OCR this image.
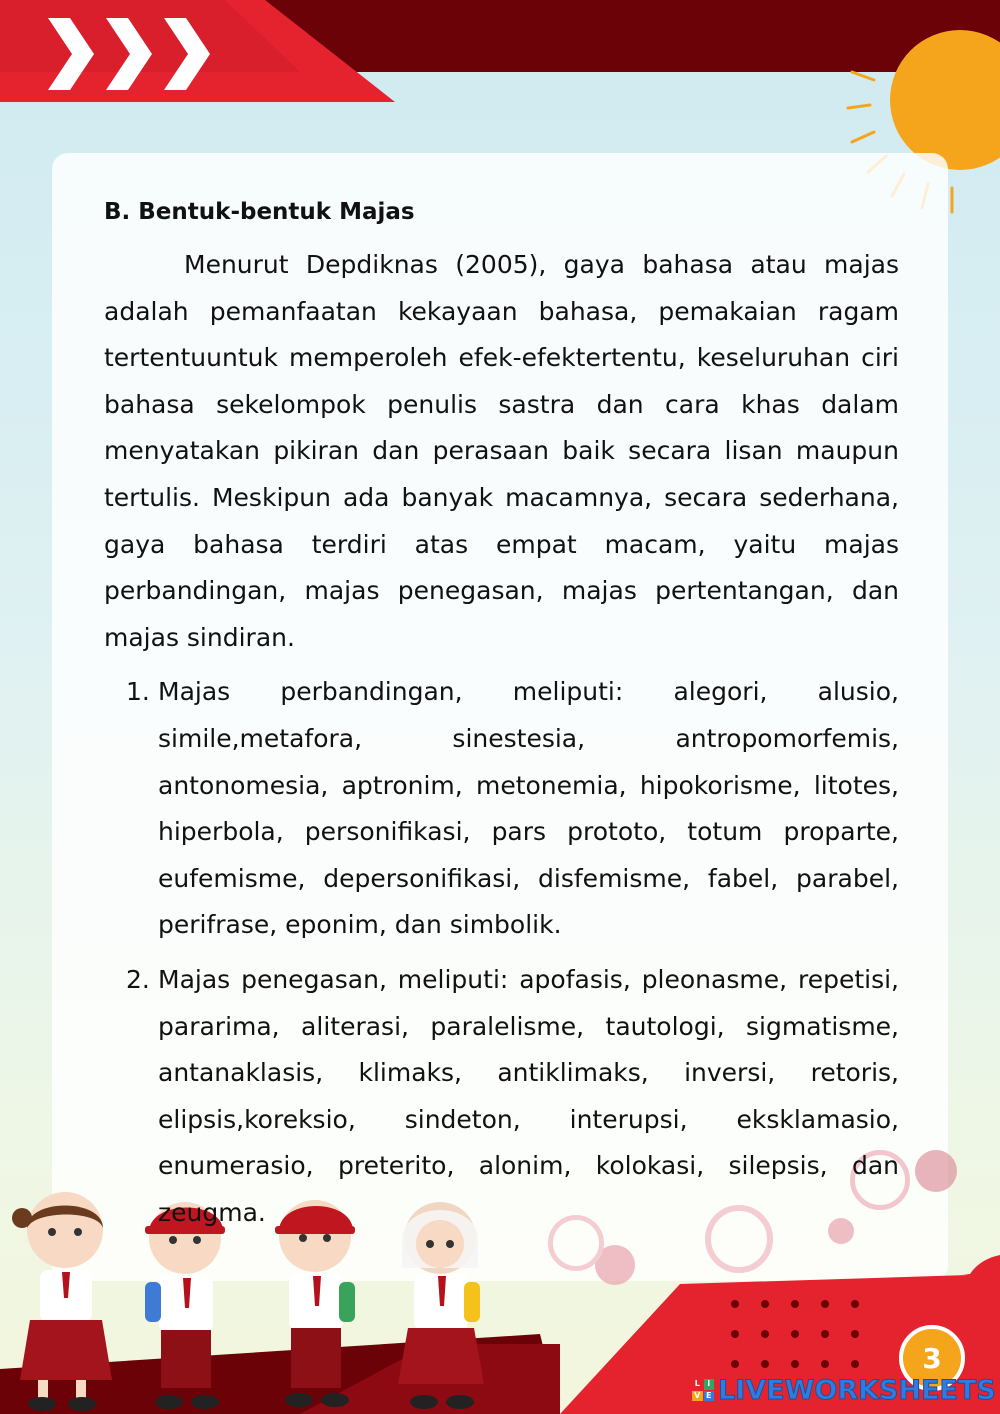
B. Bentuk-bentuk Majas

Menurut Depdiknas (2005), gaya bahasa atau majas adalah pemanfaatan kekayaan bahasa, pemakaian ragam tertentuuntuk memperoleh efek-efektertentu, keseluruhan ciri bahasa sekelompok penulis sastra dan cara khas dalam menyatakan pikiran dan perasaan baik secara lisan maupun tertulis. Meskipun ada banyak macamnya, secara sederhana, gaya bahasa terdiri atas empat macam, yaitu majas perbandingan, majas penegasan, majas pertentangan, dan majas sindiran.

1. Majas perbandingan, meliputi: alegori, alusio, simile,metafora, sinestesia, antropomorfemis, antonomesia, aptronim, metonemia, hipokorisme, litotes, hiperbola, personifikasi, pars prototo, totum proparte, eufemisme, depersonifikasi, disfemisme, fabel, parabel, perifrase, eponim, dan simbolik.
2. Majas penegasan, meliputi: apofasis, pleonasme, repetisi, pararima, aliterasi, paralelisme, tautologi, sigmatisme, antanaklasis, klimaks, antiklimaks, inversi, retoris, elipsis,koreksio, sindeton, interupsi, eksklamasio, enumerasio, preterito, alonim, kolokasi, silepsis, dan zeugma.
3
L I
V E LIVEWORKSHEETS
